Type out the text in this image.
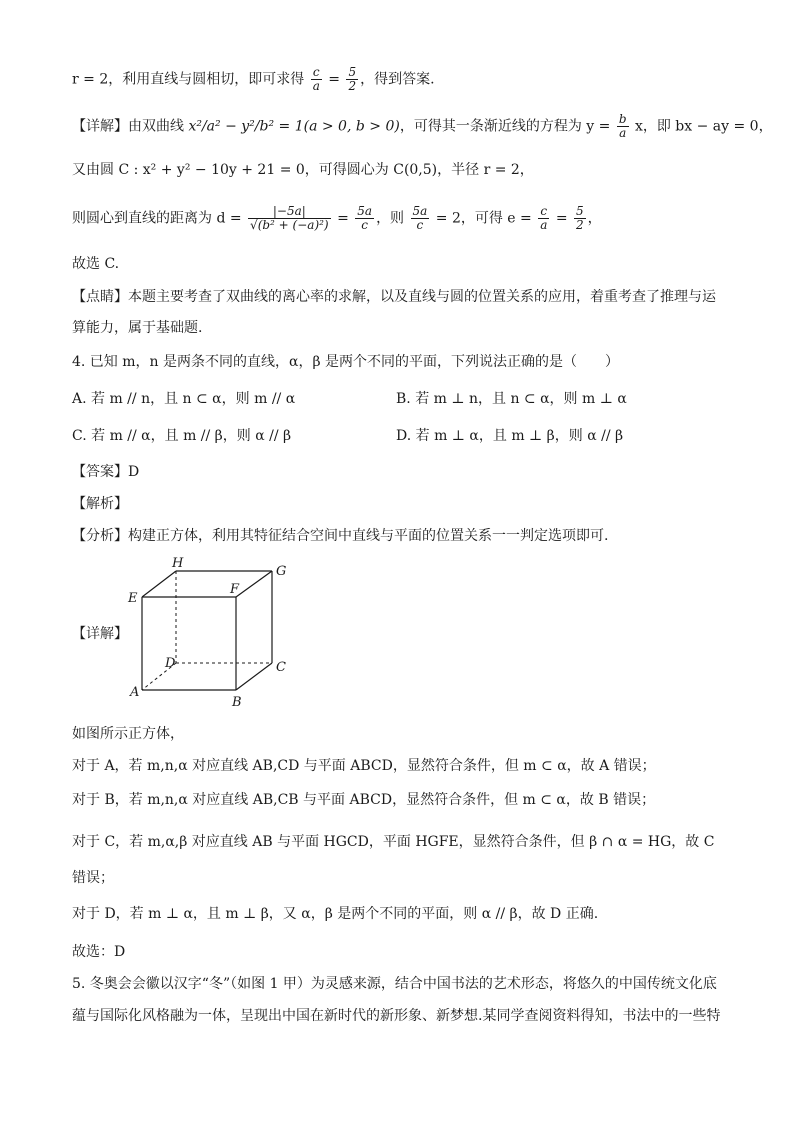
r = 2，利用直线与圆相切，即可求得 $\frac{c}{a} = \frac{5}{2}$ ，得到答案.
【详解】由双曲线 x²/a² − y²/b² = 1(a > 0, b > 0)，可得其一条渐近线的方程为 $y = \frac{b}{a}$ x，即 bx − ay = 0，
又由圆 C : x² + y² − 10y + 21 = 0，可得圆心为 C(0,5)，半径 r = 2，
则圆心到直线的距离为 $d = \frac{|-5a|}{\text{√(b² + (−a)²)}} = \frac{5a}{c}$ ，则 $\frac{5a}{c} = 2$，可得 $e = \frac{c}{a} = \frac{5}{2}$ ，
故选 C.
【点睛】本题主要考查了双曲线的离心率的求解，以及直线与圆的位置关系的应用，着重考查了推理与运
算能力，属于基础题.
4. 已知 m，n 是两条不同的直线，α，β 是两个不同的平面，下列说法正确的是（　　）
A. 若 m // n，且 n ⊂ α，则 m // α	B. 若 m ⊥ n，且 n ⊂ α，则 m ⊥ α
C. 若 m // α，且 m // β，则 α // β	D. 若 m ⊥ α，且 m ⊥ β，则 α // β
【答案】D
【解析】
【分析】构建正方体，利用其特征结合空间中直线与平面的位置关系一一判定选项即可.
【详解】
A
B
C
D
E
F
G
H
如图所示正方体，
对于 A，若 m,n,α 对应直线 AB,CD 与平面 ABCD，显然符合条件，但 m ⊂ α，故 A 错误；
对于 B，若 m,n,α 对应直线 AB,CB 与平面 ABCD，显然符合条件，但 m ⊂ α，故 B 错误；
对于 C，若 m,α,β 对应直线 AB 与平面 HGCD，平面 HGFE，显然符合条件，但 β ∩ α = HG，故 C
错误；
对于 D，若 m ⊥ α，且 m ⊥ β，又 α，β 是两个不同的平面，则 α // β，故 D 正确.
故选：D
5. 冬奥会会徽以汉字“冬”（如图 1 甲）为灵感来源，结合中国书法的艺术形态，将悠久的中国传统文化底
蕴与国际化风格融为一体，呈现出中国在新时代的新形象、新梦想.某同学查阅资料得知，书法中的一些特
